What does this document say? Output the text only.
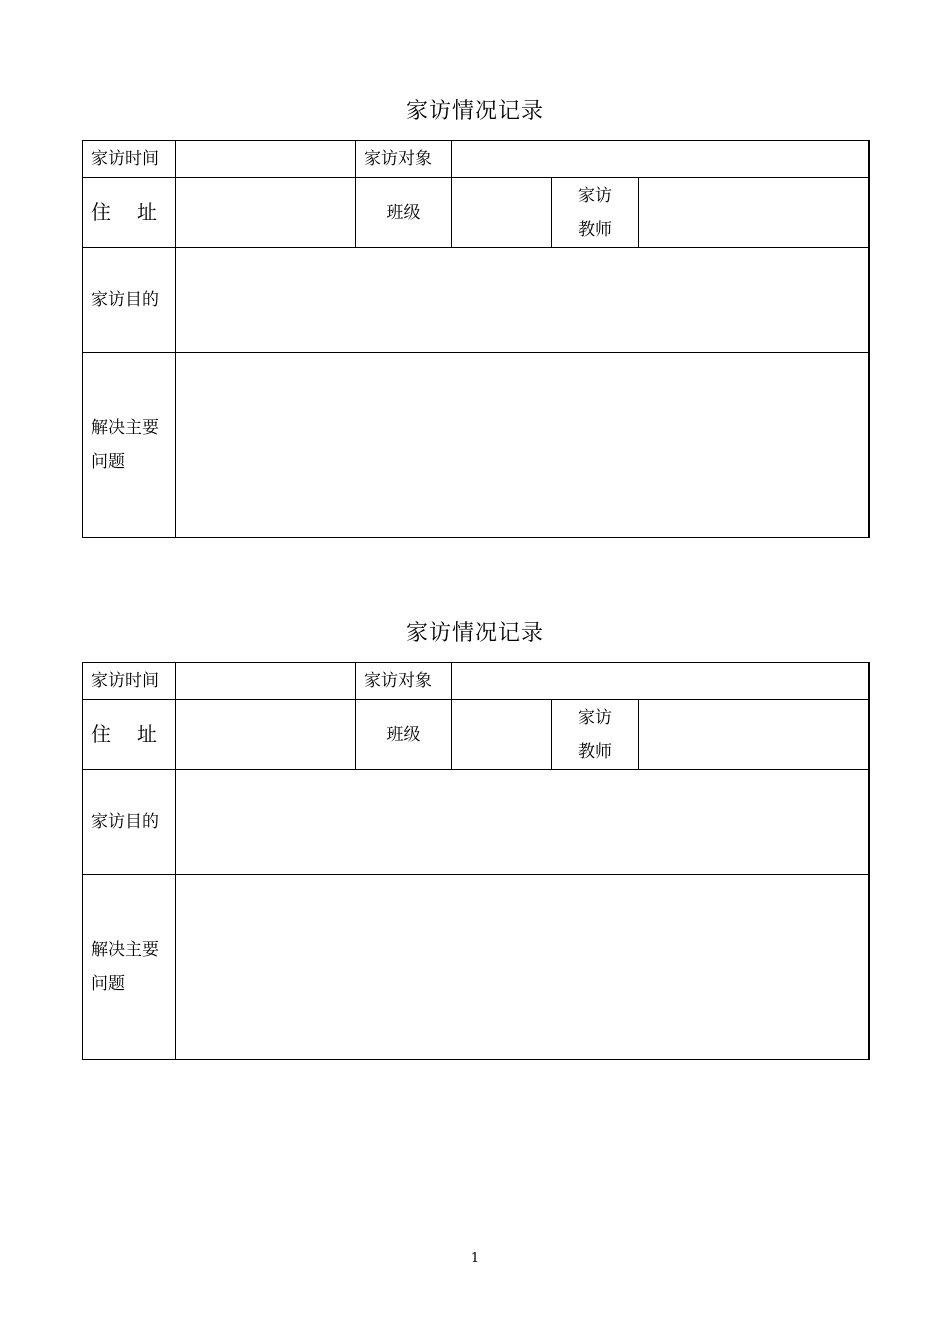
家访情况记录
家访时间		家访对象			
住 址		班级		家访
教师	

家访目的					

解决主要
问题					

家访情况记录
家访时间		家访对象			
住 址		班级		家访
教师	

家访目的					

解决主要
问题					

1
